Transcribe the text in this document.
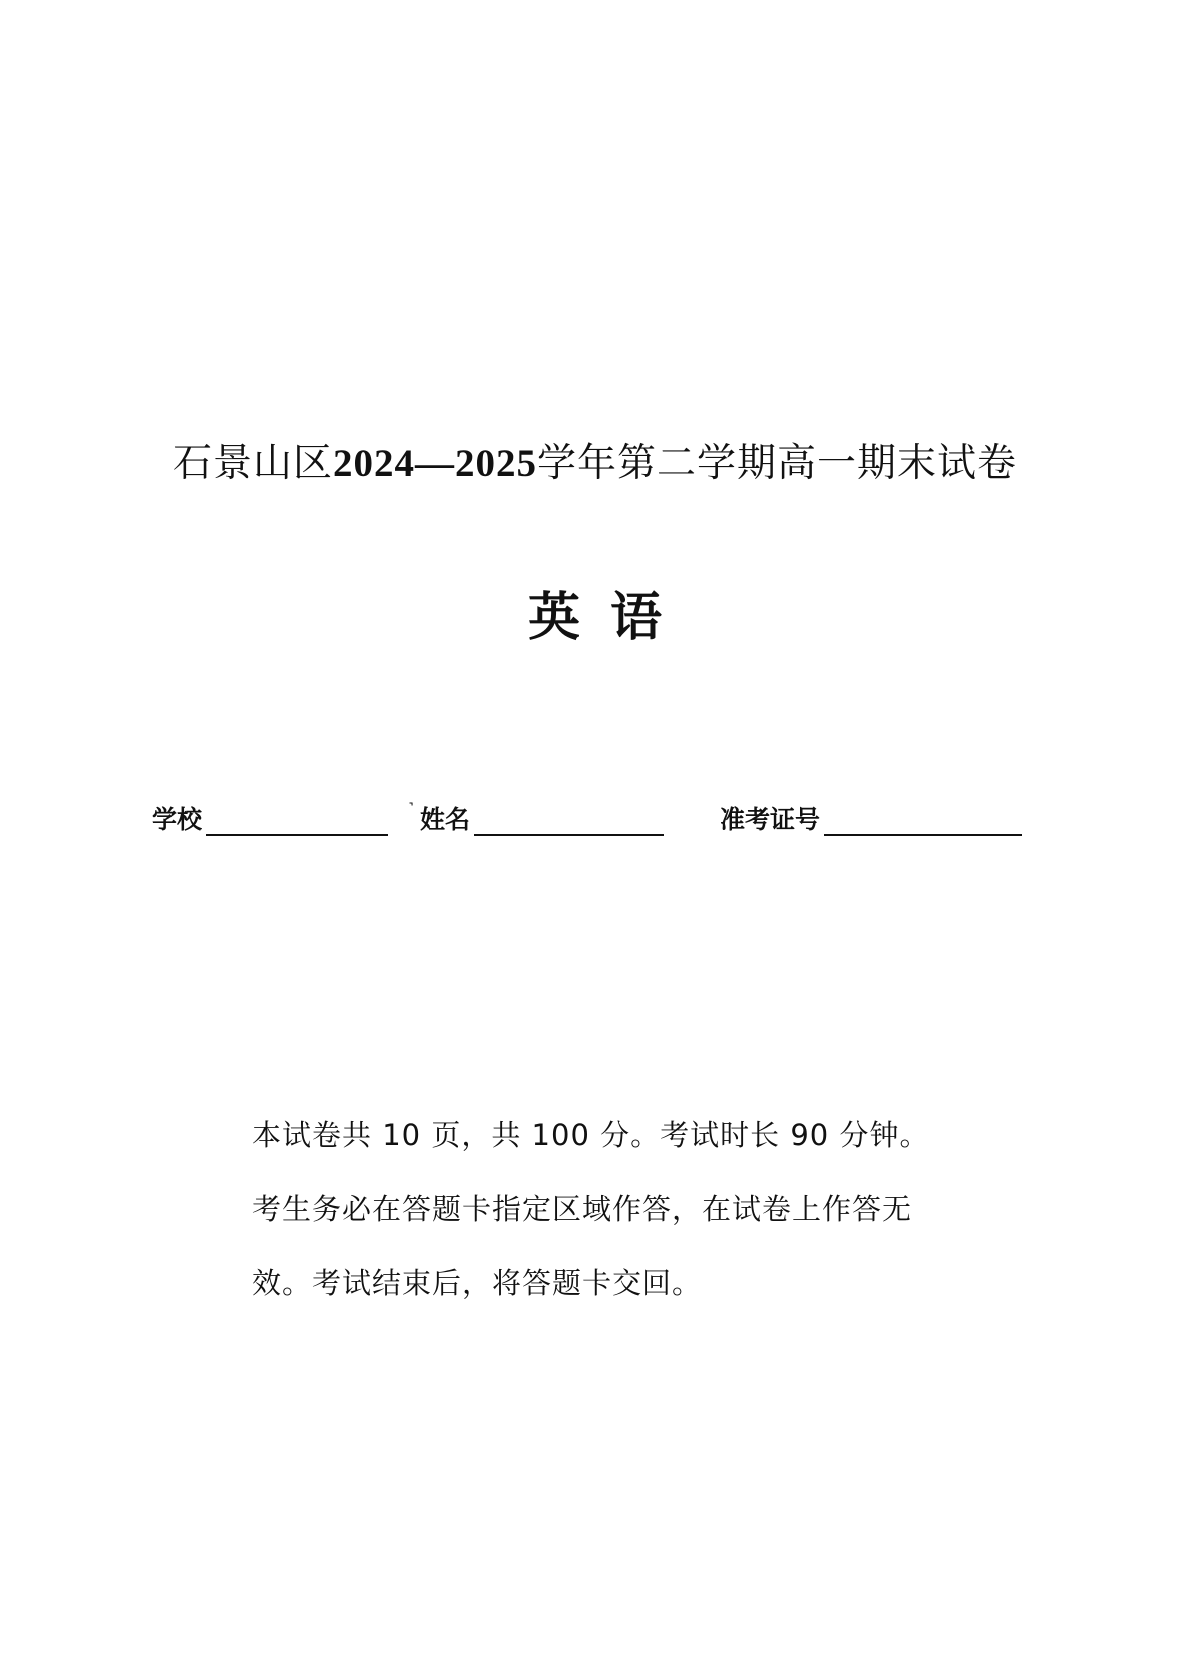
石景山区2024—2025学年第二学期高一期末试卷
英语
学校	˺ 姓名	准考证号

本试卷共 10 页，共 100 分。考试时长 90 分钟。

考生务必在答题卡指定区域作答，在试卷上作答无

效。考试结束后，将答题卡交回。
